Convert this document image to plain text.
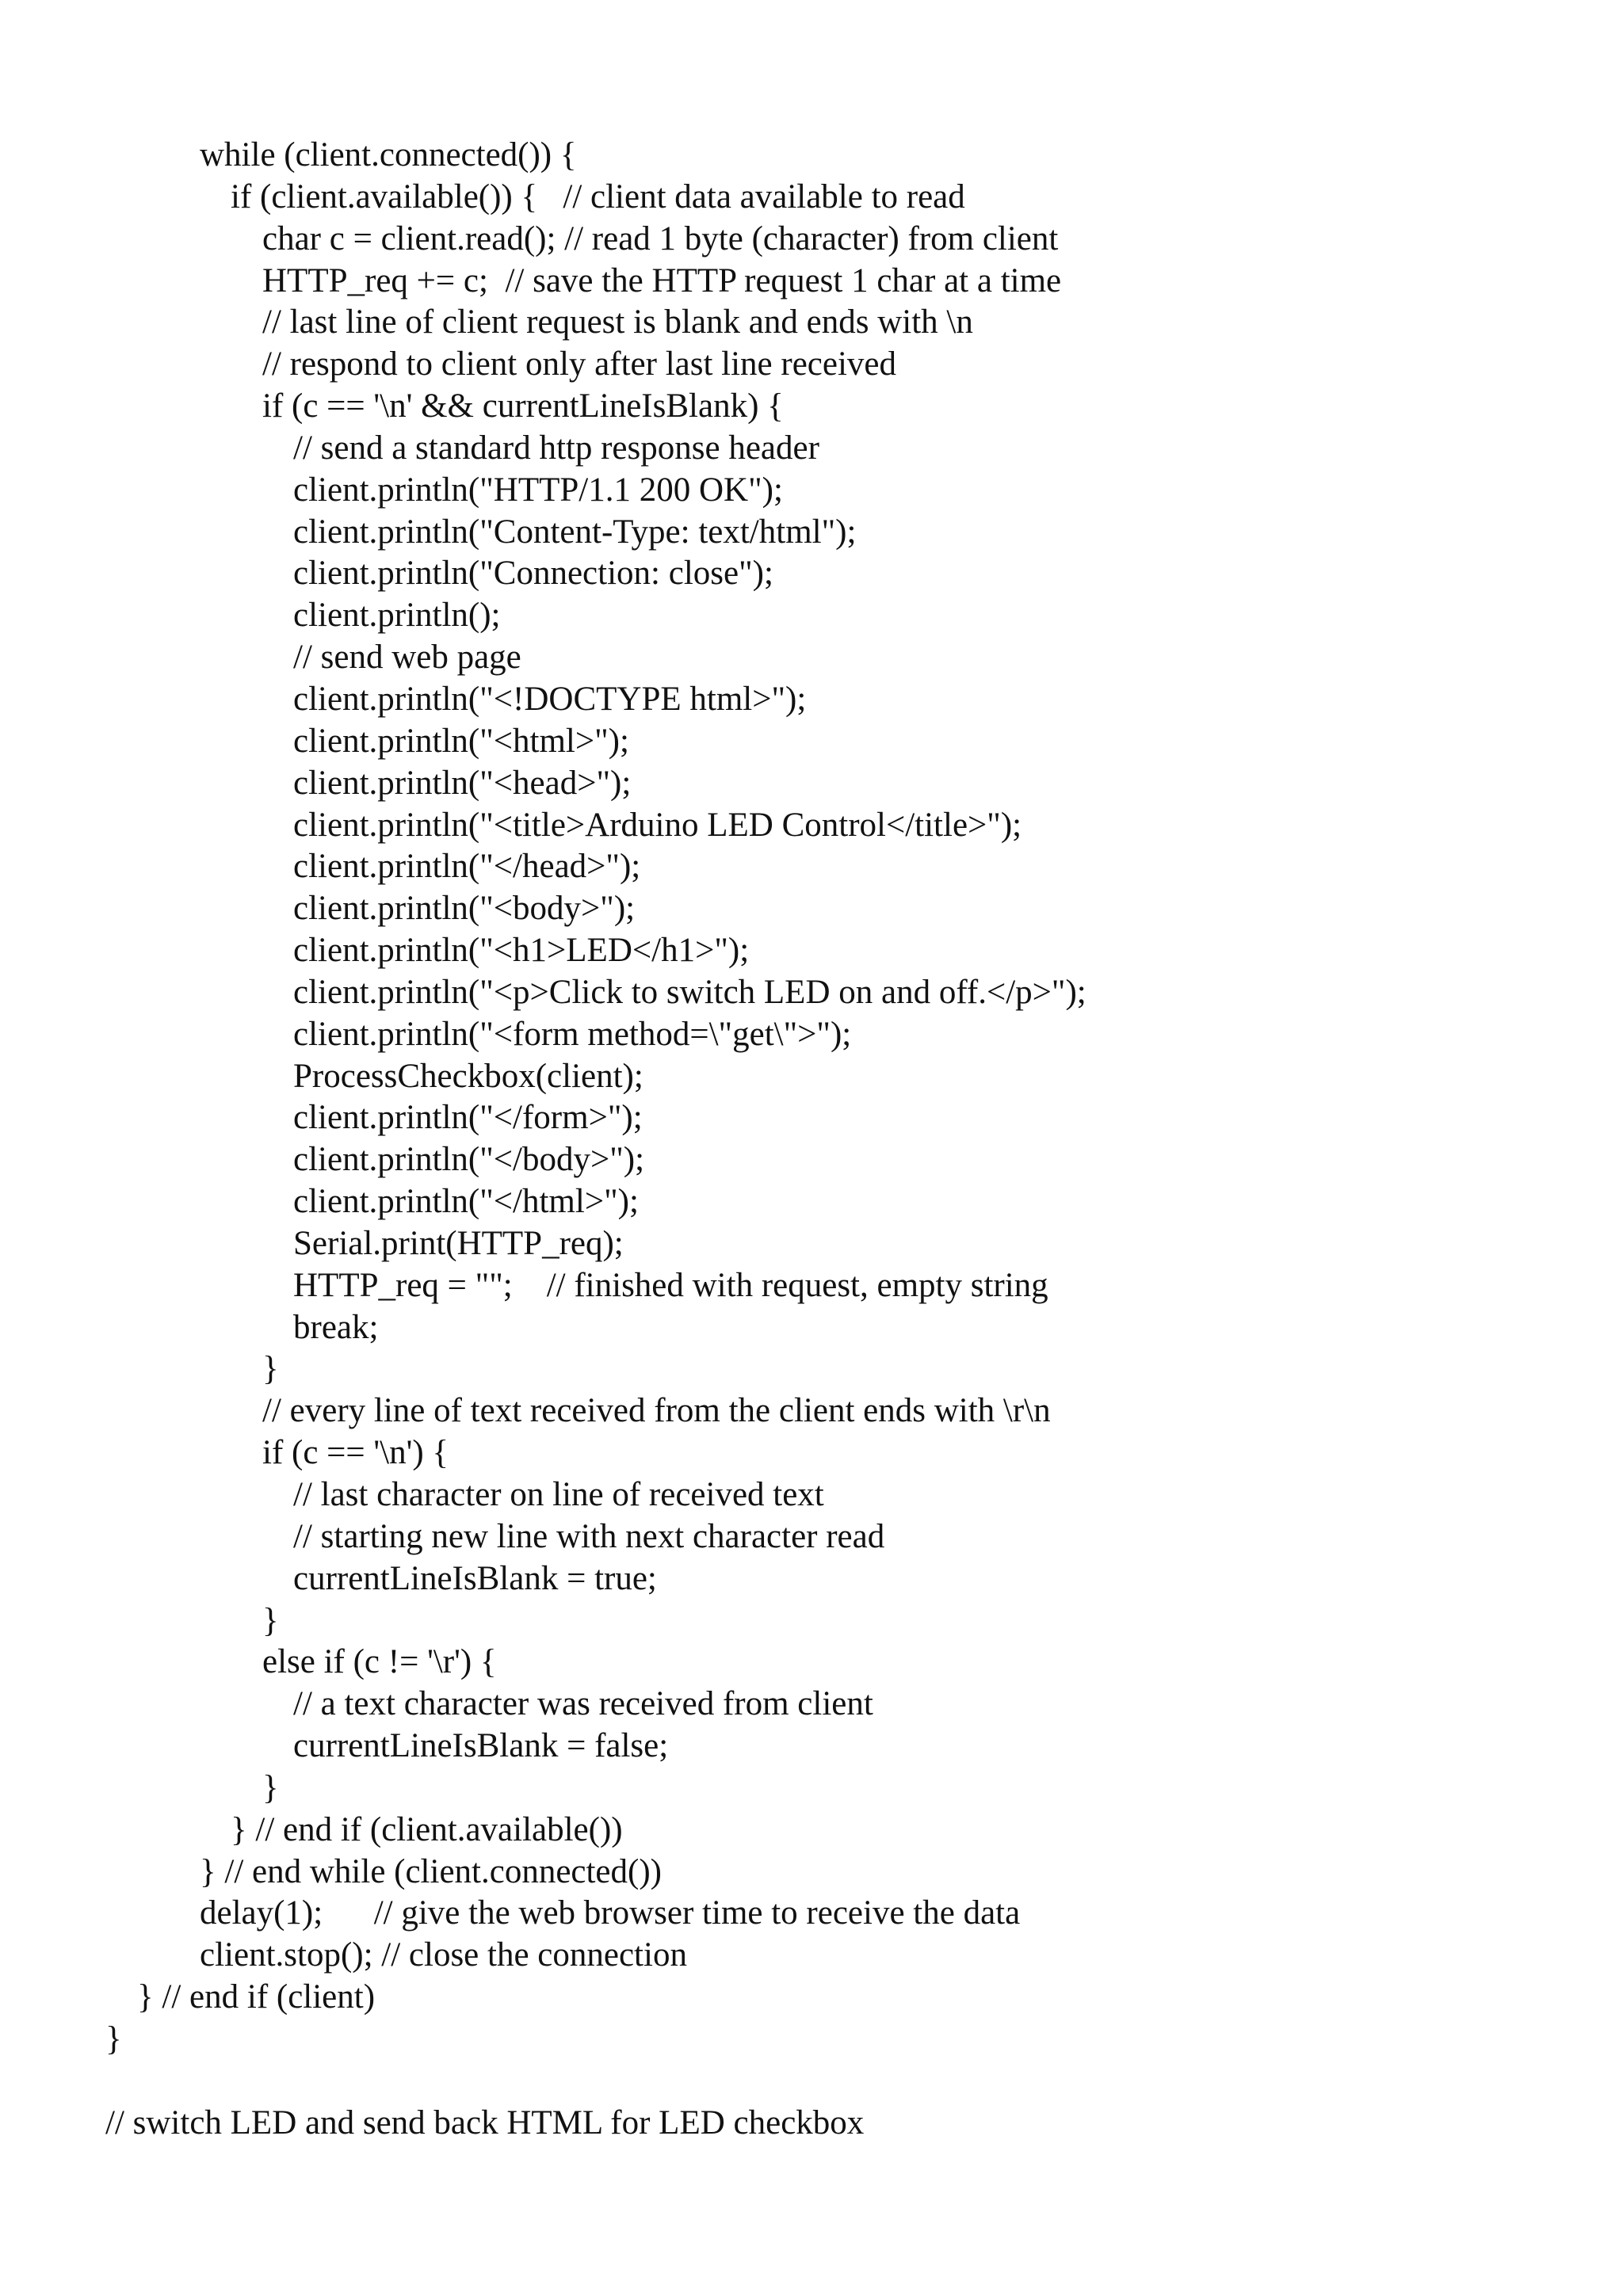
while (client.connected()) {
if (client.available()) {   // client data available to read
char c = client.read(); // read 1 byte (character) from client
HTTP_req += c;  // save the HTTP request 1 char at a time
// last line of client request is blank and ends with \n
// respond to client only after last line received
if (c == '\n' && currentLineIsBlank) {
// send a standard http response header
client.println("HTTP/1.1 200 OK");
client.println("Content-Type: text/html");
client.println("Connection: close");
client.println();
// send web page
client.println("<!DOCTYPE html>");
client.println("<html>");
client.println("<head>");
client.println("<title>Arduino LED Control</title>");
client.println("</head>");
client.println("<body>");
client.println("<h1>LED</h1>");
client.println("<p>Click to switch LED on and off.</p>");
client.println("<form method=\"get\">");
ProcessCheckbox(client);
client.println("</form>");
client.println("</body>");
client.println("</html>");
Serial.print(HTTP_req);
HTTP_req = "";    // finished with request, empty string
break;
}
// every line of text received from the client ends with \r\n
if (c == '\n') {
// last character on line of received text
// starting new line with next character read
currentLineIsBlank = true;
}
else if (c != '\r') {
// a text character was received from client
currentLineIsBlank = false;
}
} // end if (client.available())
} // end while (client.connected())
delay(1);      // give the web browser time to receive the data
client.stop(); // close the connection
} // end if (client)
}
// switch LED and send back HTML for LED checkbox
